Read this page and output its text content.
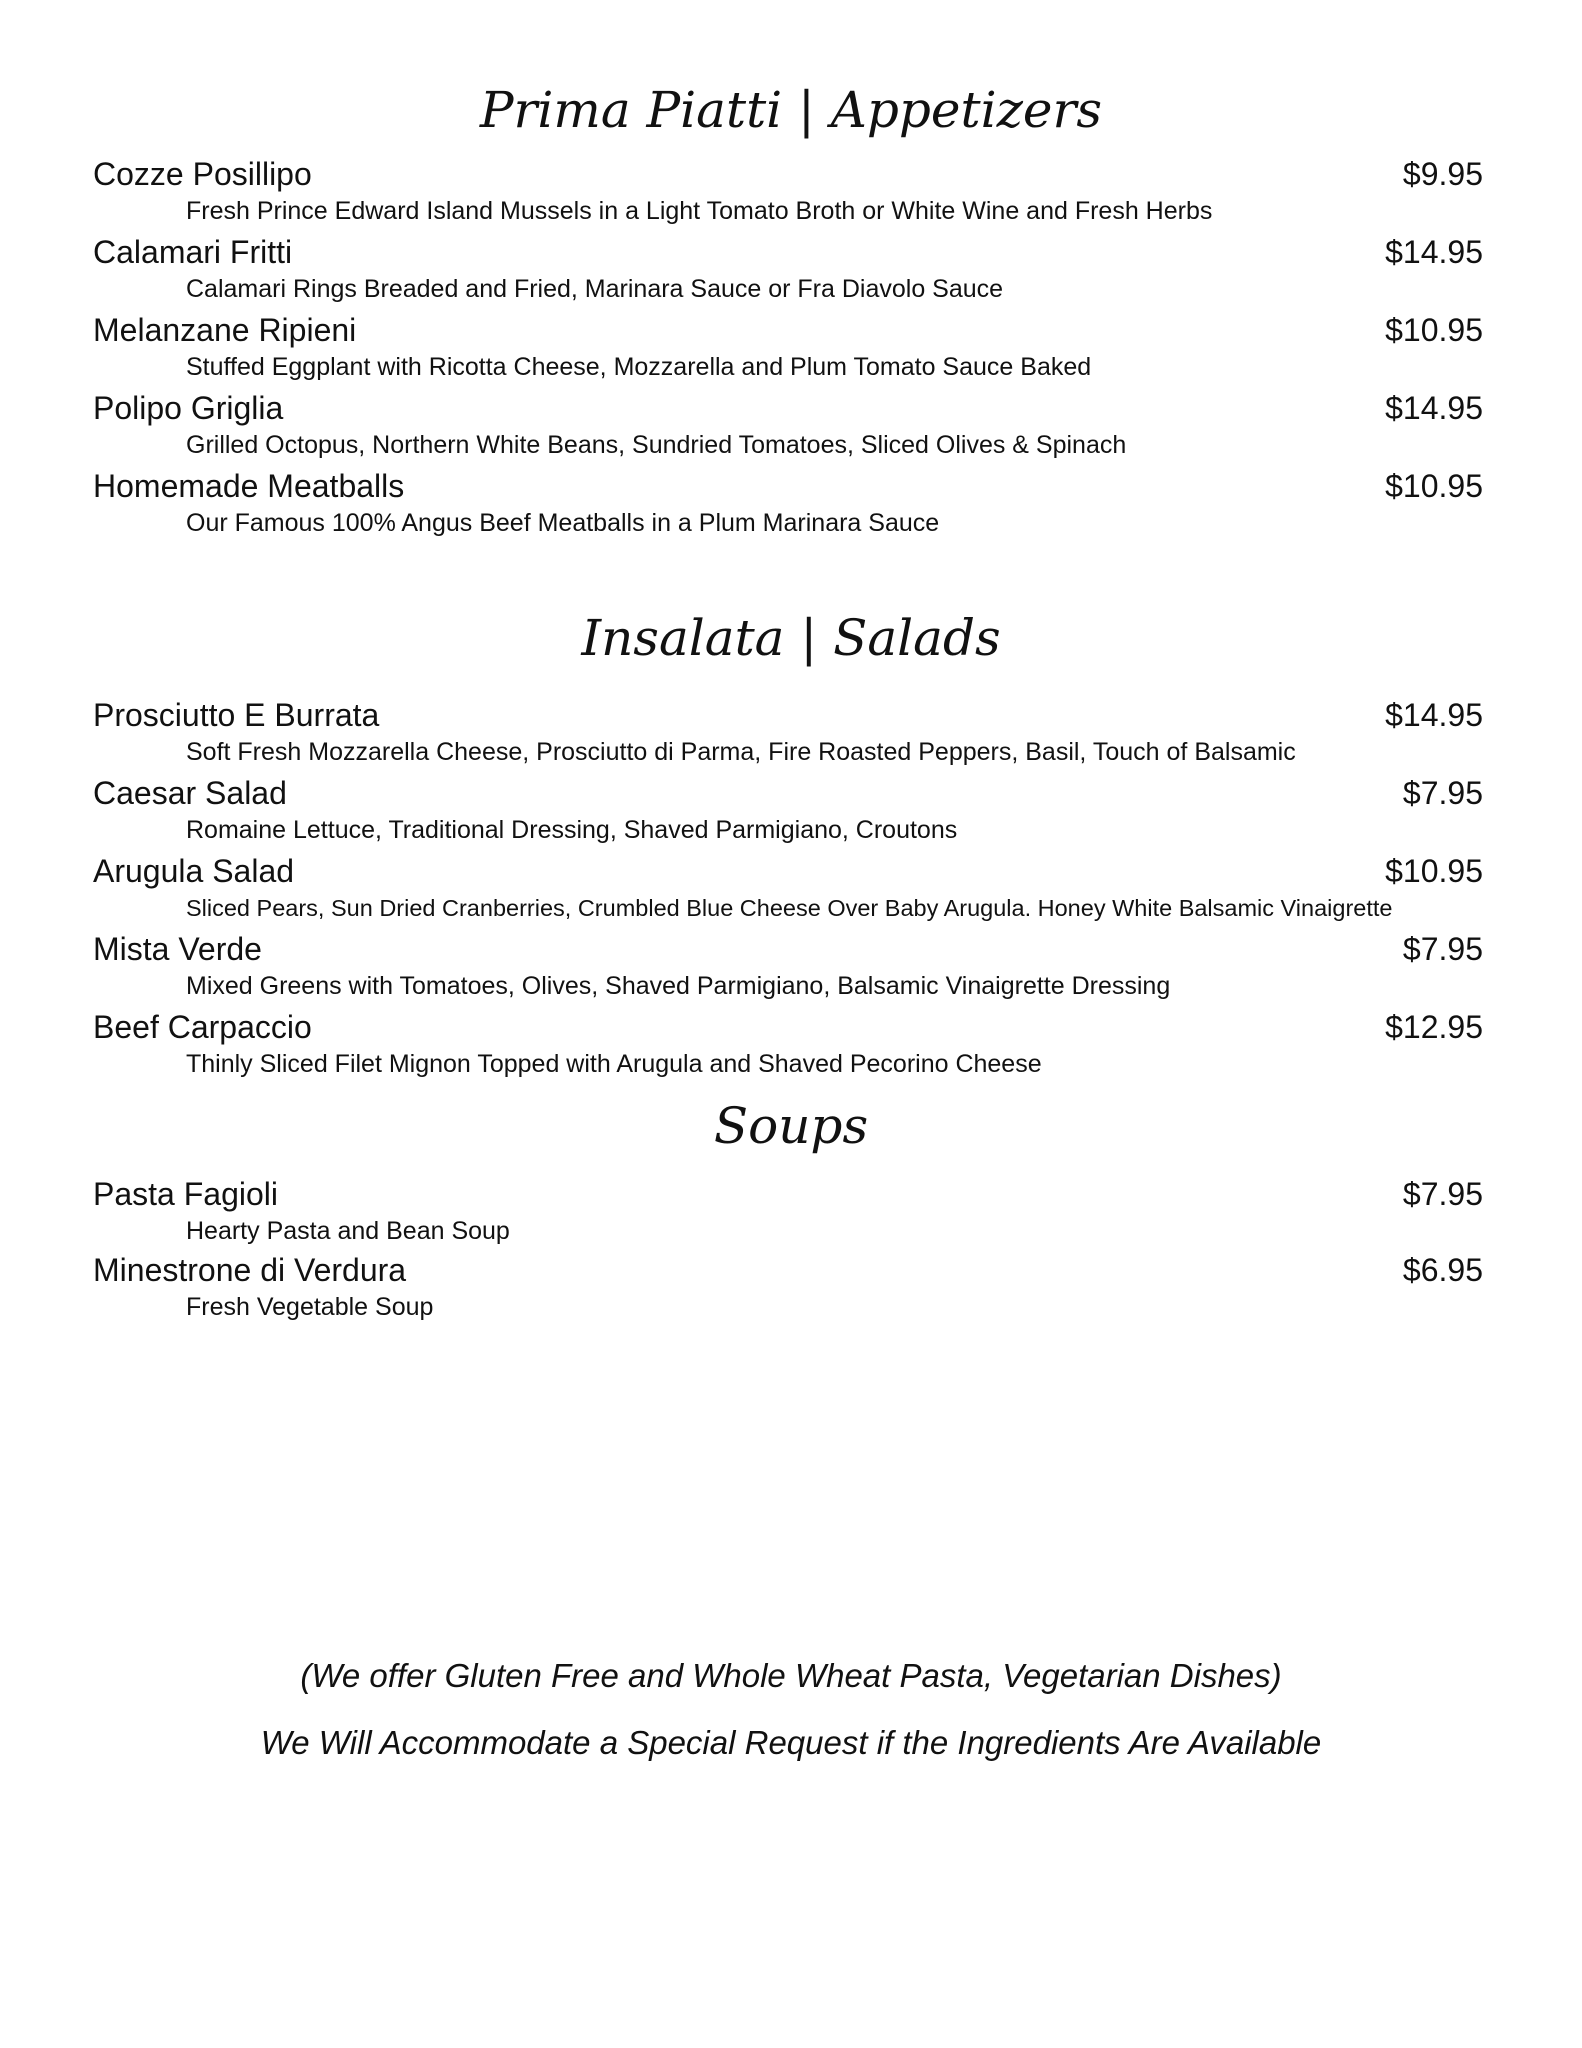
Prima Piatti | Appetizers
Cozze Posillipo	$9.95
Fresh Prince Edward Island Mussels in a Light Tomato Broth or White Wine and Fresh Herbs
Calamari Fritti	$14.95
Calamari Rings Breaded and Fried, Marinara Sauce or Fra Diavolo Sauce
Melanzane Ripieni	$10.95
Stuffed Eggplant with Ricotta Cheese, Mozzarella and Plum Tomato Sauce Baked
Polipo Griglia	$14.95
Grilled Octopus, Northern White Beans, Sundried Tomatoes, Sliced Olives & Spinach
Homemade Meatballs	$10.95
Our Famous 100% Angus Beef Meatballs in a Plum Marinara Sauce
Insalata | Salads
Prosciutto E Burrata	$14.95
Soft Fresh Mozzarella Cheese, Prosciutto di Parma, Fire Roasted Peppers, Basil, Touch of Balsamic
Caesar Salad	$7.95
Romaine Lettuce, Traditional Dressing, Shaved Parmigiano, Croutons
Arugula Salad	$10.95
Sliced Pears, Sun Dried Cranberries, Crumbled Blue Cheese Over Baby Arugula. Honey White Balsamic Vinaigrette
Mista Verde	$7.95
Mixed Greens with Tomatoes, Olives, Shaved Parmigiano, Balsamic Vinaigrette Dressing
Beef Carpaccio	$12.95
Thinly Sliced Filet Mignon Topped with Arugula and Shaved Pecorino Cheese
Soups
Pasta Fagioli	$7.95
Hearty Pasta and Bean Soup
Minestrone di Verdura	$6.95
Fresh Vegetable Soup

(We offer Gluten Free and Whole Wheat Pasta, Vegetarian Dishes)

We Will Accommodate a Special Request if the Ingredients Are Available
